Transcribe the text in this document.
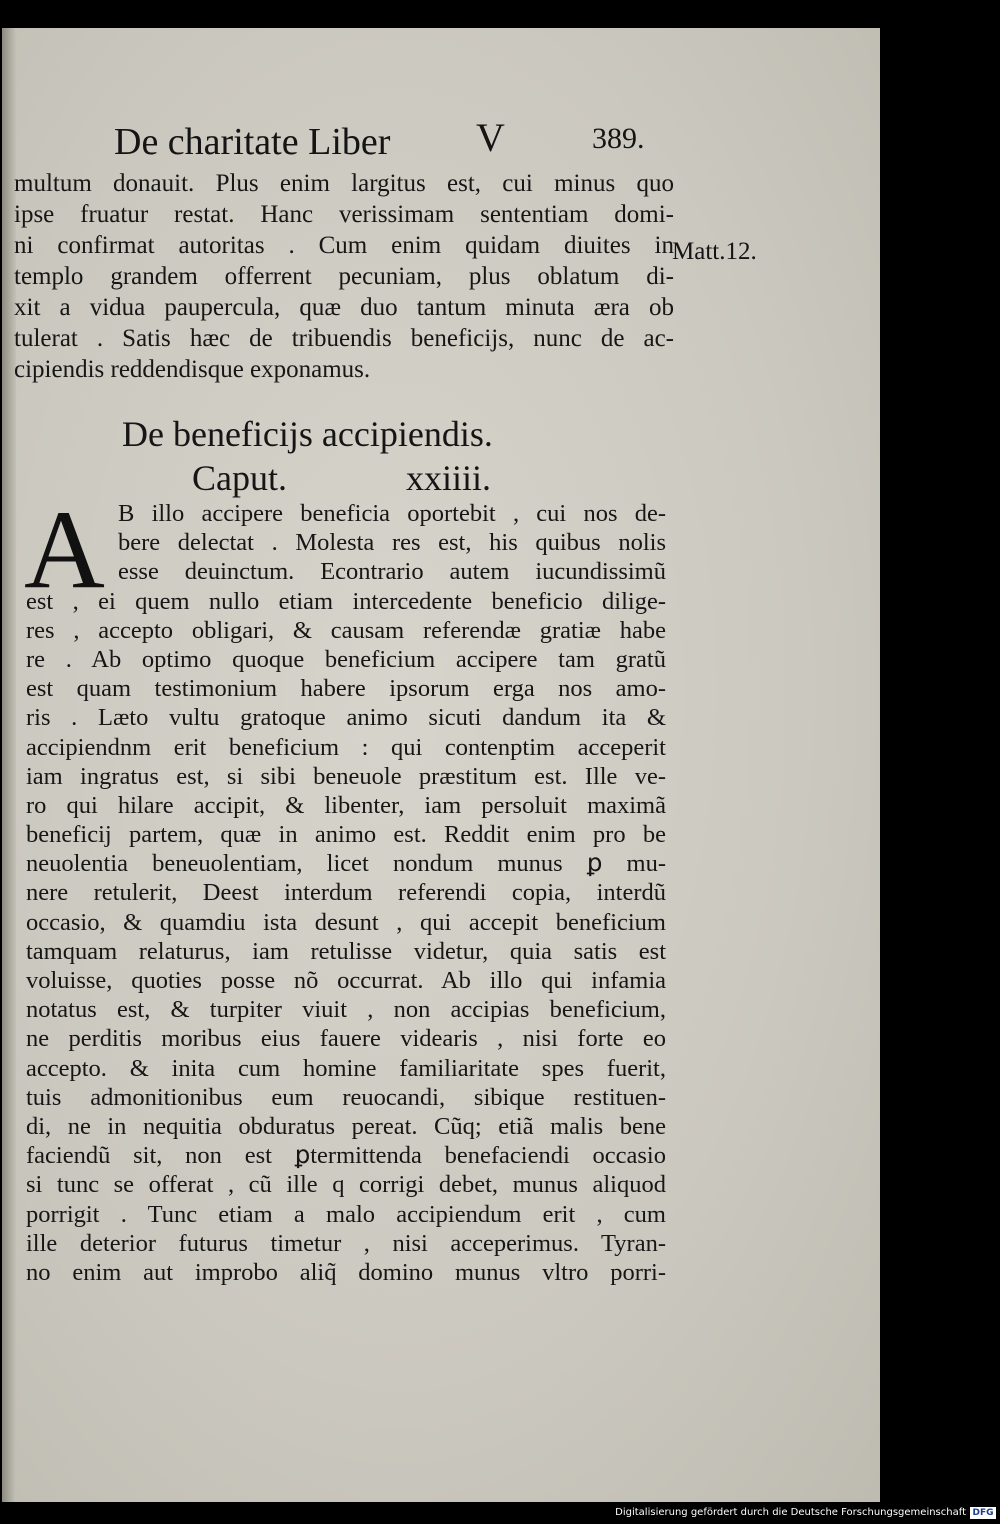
De charitate Liber V	389.
Matt.12.
multum donauit. Plus enim largitus est, cui minus quo
ipse fruatur restat. Hanc verissimam sententiam domi-
ni confirmat autoritas . Cum enim quidam diuites in
templo grandem offerrent pecuniam, plus oblatum di-
xit a vidua paupercula, quæ duo tantum minuta æra ob
tulerat . Satis hæc de tribuendis beneficijs, nunc de ac-
cipiendis reddendisque exponamus.
De beneficijs accipiendis.
Caput.	xxiiii.
A B illo accipere beneficia oportebit , cui nos de-
bere delectat . Molesta res est, his quibus nolis
esse deuinctum. Econtrario autem iucundissimũ
est , ei quem nullo etiam intercedente beneficio dilige-
res , accepto obligari, & causam referendæ gratiæ habe
re . Ab optimo quoque beneficium accipere tam gratũ
est quam testimonium habere ipsorum erga nos amo-
ris . Læto vultu gratoque animo sicuti dandum ita &
accipiendnm erit beneficium : qui contenptim acceperit
iam ingratus est, si sibi beneuole præstitum est. Ille ve-
ro qui hilare accipit, & libenter, iam persoluit maximã
beneficij partem, quæ in animo est. Reddit enim pro be
neuolentia beneuolentiam, licet nondum munus ꝑ mu-
nere retulerit, Deest interdum referendi copia, interdũ
occasio, & quamdiu ista desunt , qui accepit beneficium
tamquam relaturus, iam retulisse videtur, quia satis est
voluisse, quoties posse nõ occurrat. Ab illo qui infamia
notatus est, & turpiter viuit , non accipias beneficium,
ne perditis moribus eius fauere videaris , nisi forte eo
accepto. & inita cum homine familiaritate spes fuerit,
tuis admonitionibus eum reuocandi, sibique restituen-
di, ne in nequitia obduratus pereat. Cũq; etiã malis bene
faciendũ sit, non est ꝑtermittenda benefaciendi occasio
si tunc se offerat , cũ ille q corrigi debet, munus aliquod
porrigit . Tunc etiam a malo accipiendum erit , cum
ille deterior futurus timetur , nisi acceperimus. Tyran-
no enim aut improbo aliq̃ domino munus vltro porri-
Digitalisierung gefördert durch die Deutsche Forschungsgemeinschaft DFG
